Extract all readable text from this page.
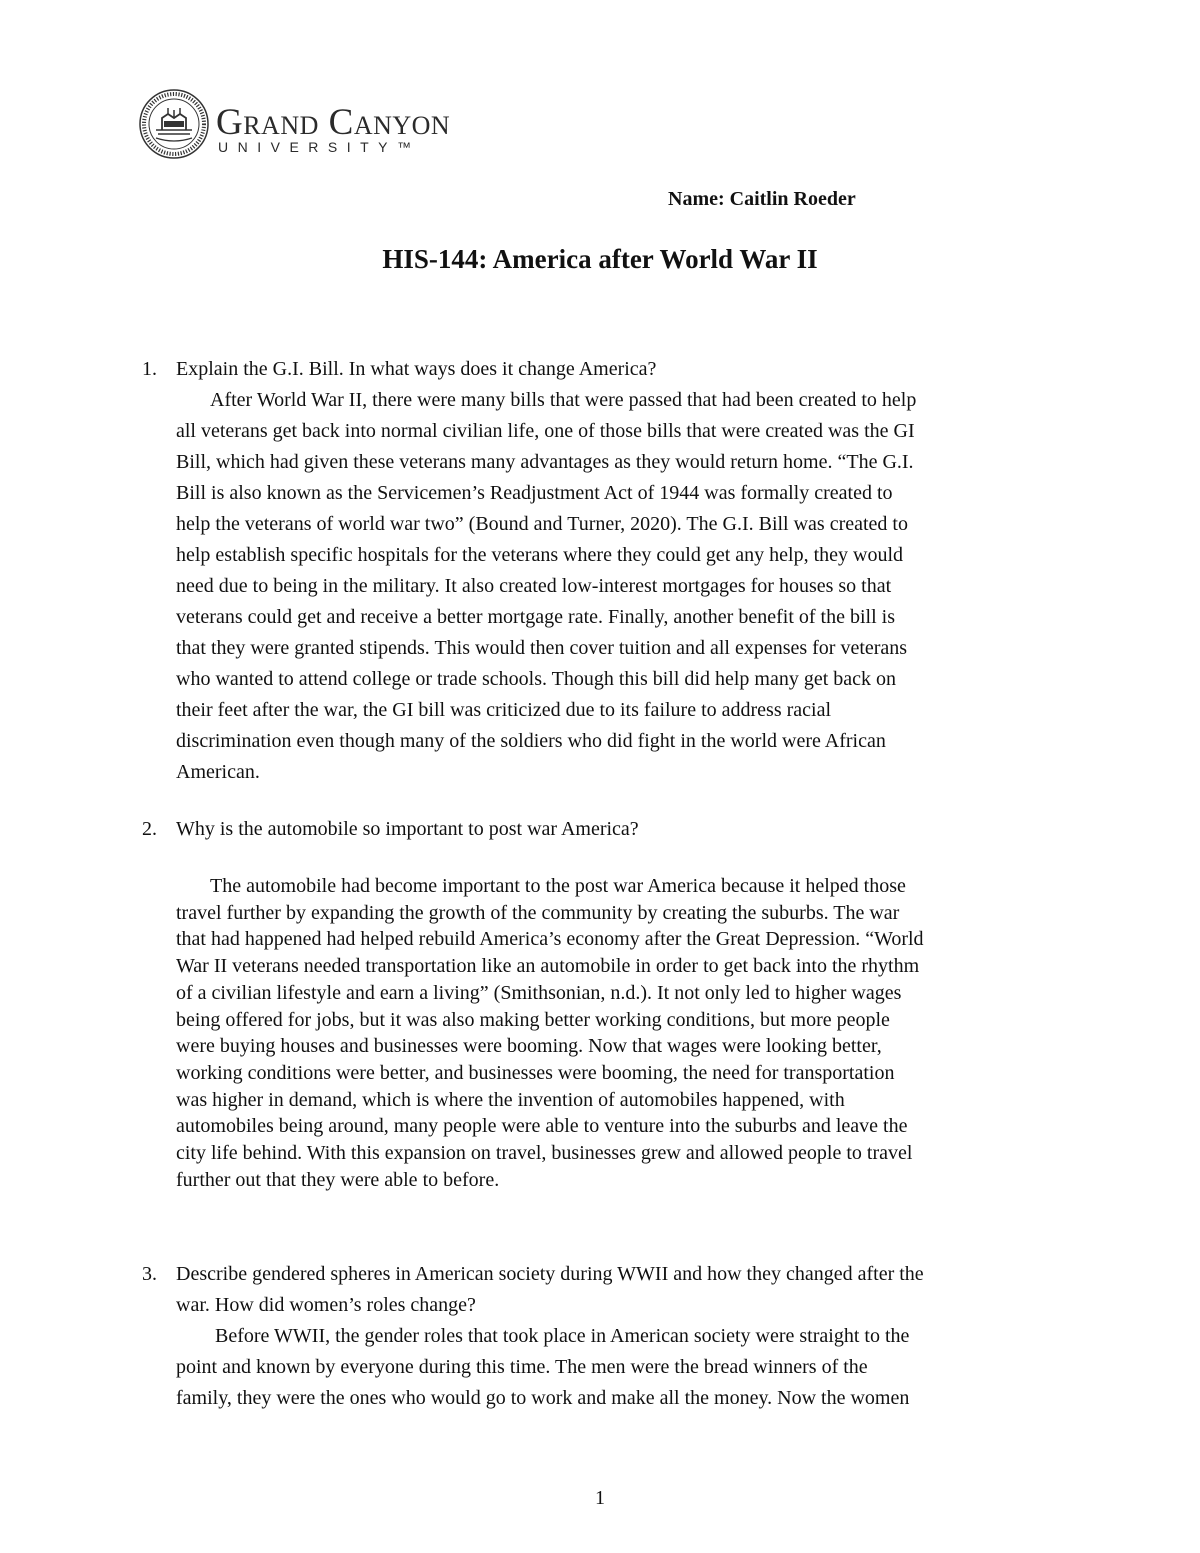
Grand Canyon
UNIVERSITY™
Name: Caitlin Roeder
HIS-144: America after World War II
1. Explain the G.I. Bill. In what ways does it change America?
After World War II, there were many bills that were passed that had been created to help
all veterans get back into normal civilian life, one of those bills that were created was the GI
Bill, which had given these veterans many advantages as they would return home. “The G.I.
Bill is also known as the Servicemen’s Readjustment Act of 1944 was formally created to
help the veterans of world war two” (Bound and Turner, 2020). The G.I. Bill was created to
help establish specific hospitals for the veterans where they could get any help, they would
need due to being in the military. It also created low-interest mortgages for houses so that
veterans could get and receive a better mortgage rate. Finally, another benefit of the bill is
that they were granted stipends. This would then cover tuition and all expenses for veterans
who wanted to attend college or trade schools. Though this bill did help many get back on
their feet after the war, the GI bill was criticized due to its failure to address racial
discrimination even though many of the soldiers who did fight in the world were African
American.
2. Why is the automobile so important to post war America?
The automobile had become important to the post war America because it helped those
travel further by expanding the growth of the community by creating the suburbs. The war
that had happened had helped rebuild America’s economy after the Great Depression. “World
War II veterans needed transportation like an automobile in order to get back into the rhythm
of a civilian lifestyle and earn a living” (Smithsonian, n.d.). It not only led to higher wages
being offered for jobs, but it was also making better working conditions, but more people
were buying houses and businesses were booming. Now that wages were looking better,
working conditions were better, and businesses were booming, the need for transportation
was higher in demand, which is where the invention of automobiles happened, with
automobiles being around, many people were able to venture into the suburbs and leave the
city life behind. With this expansion on travel, businesses grew and allowed people to travel
further out that they were able to before.
3. Describe gendered spheres in American society during WWII and how they changed after the
war. How did women’s roles change?
Before WWII, the gender roles that took place in American society were straight to the
point and known by everyone during this time. The men were the bread winners of the
family, they were the ones who would go to work and make all the money. Now the women
1
